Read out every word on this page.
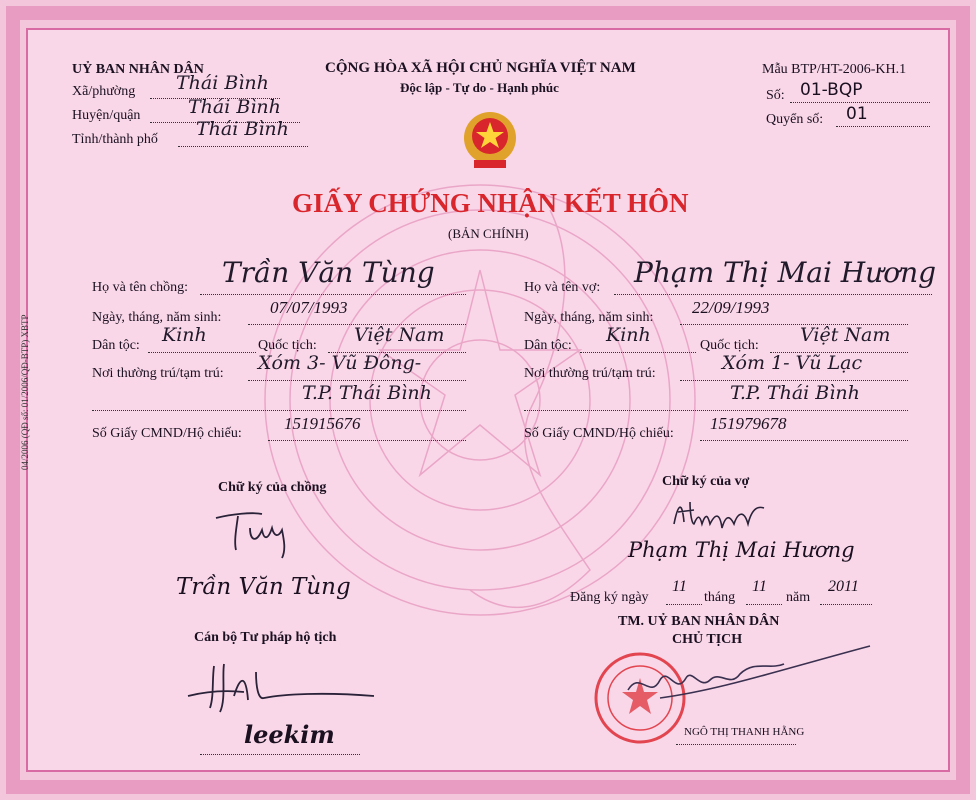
04/2006 (QĐ số: 01/2006/QĐ-BTP) XBTP
UỶ BAN NHÂN DÂN
Xã/phường Thái Bình
Huyện/quận	Thái Bình
Tỉnh/thành phố Thái Bình
CỘNG HÒA XÃ HỘI CHỦ NGHĨA VIỆT NAM
Độc lập - Tự do - Hạnh phúc
Mẫu BTP/HT-2006-KH.1
Số: 01-BQP
Quyển số: 01
GIẤY CHỨNG NHẬN KẾT HÔN
(BẢN CHÍNH)
Họ và tên chồng: Trần Văn Tùng
Ngày, tháng, năm sinh:
07/07/1993
Dân tộc: Kinh	Quốc tịch: Việt Nam
Nơi thường trú/tạm trú: Xóm 3- Vũ Đông-
T.P. Thái Bình
Số Giấy CMND/Hộ chiếu:
151915676
Họ và tên vợ: Phạm Thị Mai Hương
Ngày, tháng, năm sinh:
22/09/1993
Dân tộc: Kinh	Quốc tịch: Việt Nam
Nơi thường trú/tạm trú:	Xóm 1- Vũ Lạc
T.P. Thái Bình
Số Giấy CMND/Hộ chiếu:
151979678
Chữ ký của chồng
Trần Văn Tùng
Chữ ký của vợ
Phạm Thị Mai Hương
Đăng ký ngày
11
tháng
11
năm
2011
TM. UỶ BAN NHÂN DÂN
CHỦ TỊCH
NGÔ THỊ THANH HẰNG
Cán bộ Tư pháp hộ tịch
leekim
